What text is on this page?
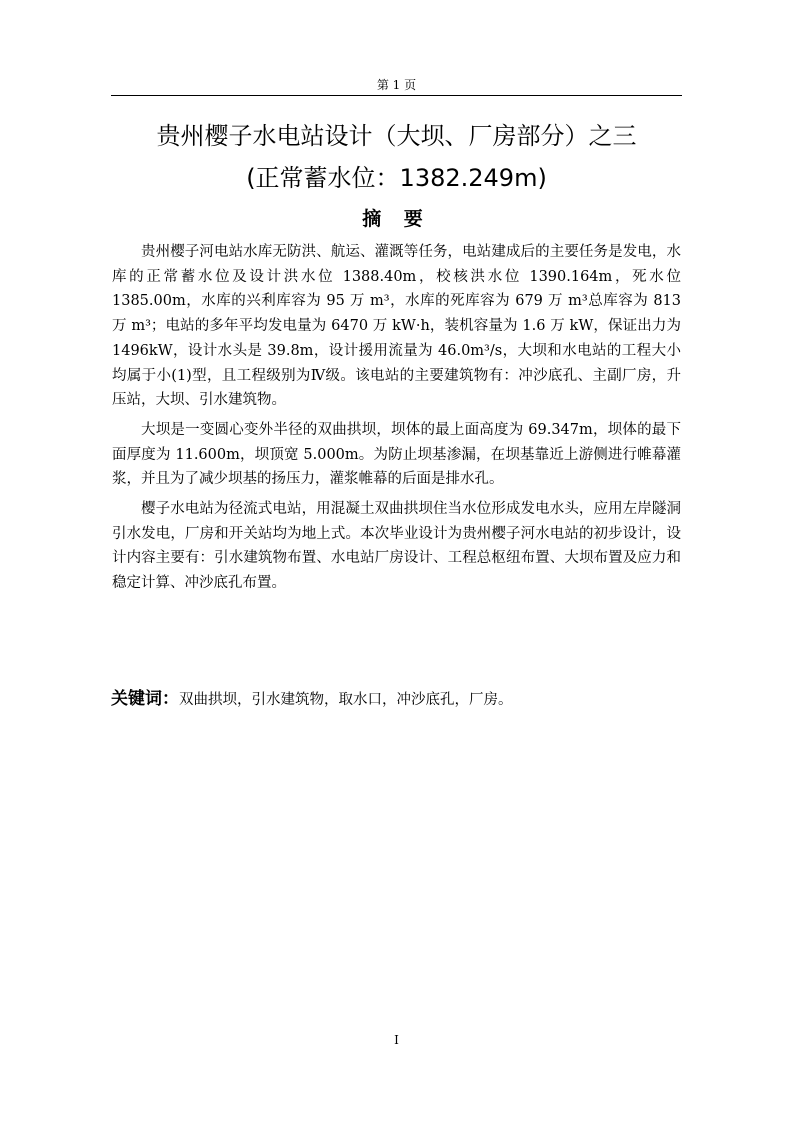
第 1 页
贵州樱子水电站设计（大坝、厂房部分）之三
(正常蓄水位：1382.249m)
摘 要

贵州樱子河电站水库无防洪、航运、灌溉等任务，电站建成后的主要任务是发电，水库的正常蓄水位及设计洪水位 1388.40m，校核洪水位 1390.164m，死水位 1385.00m，水库的兴利库容为 95 万 m³，水库的死库容为 679 万 m³总库容为 813 万 m³；电站的多年平均发电量为 6470 万 kW·h，装机容量为 1.6 万 kW，保证出力为 1496kW，设计水头是 39.8m，设计援用流量为 46.0m³/s，大坝和水电站的工程大小均属于小(1)型，且工程级别为Ⅳ级。该电站的主要建筑物有：冲沙底孔、主副厂房，升压站，大坝、引水建筑物。

大坝是一变圆心变外半径的双曲拱坝，坝体的最上面高度为 69.347m，坝体的最下面厚度为 11.600m，坝顶宽 5.000m。为防止坝基渗漏，在坝基靠近上游侧进行帷幕灌浆，并且为了减少坝基的扬压力，灌浆帷幕的后面是排水孔。

樱子水电站为径流式电站，用混凝土双曲拱坝住当水位形成发电水头，应用左岸隧洞引水发电，厂房和开关站均为地上式。本次毕业设计为贵州樱子河水电站的初步设计，设计内容主要有：引水建筑物布置、水电站厂房设计、工程总枢纽布置、大坝布置及应力和稳定计算、冲沙底孔布置。

关键词：双曲拱坝，引水建筑物，取水口，冲沙底孔，厂房。
I
